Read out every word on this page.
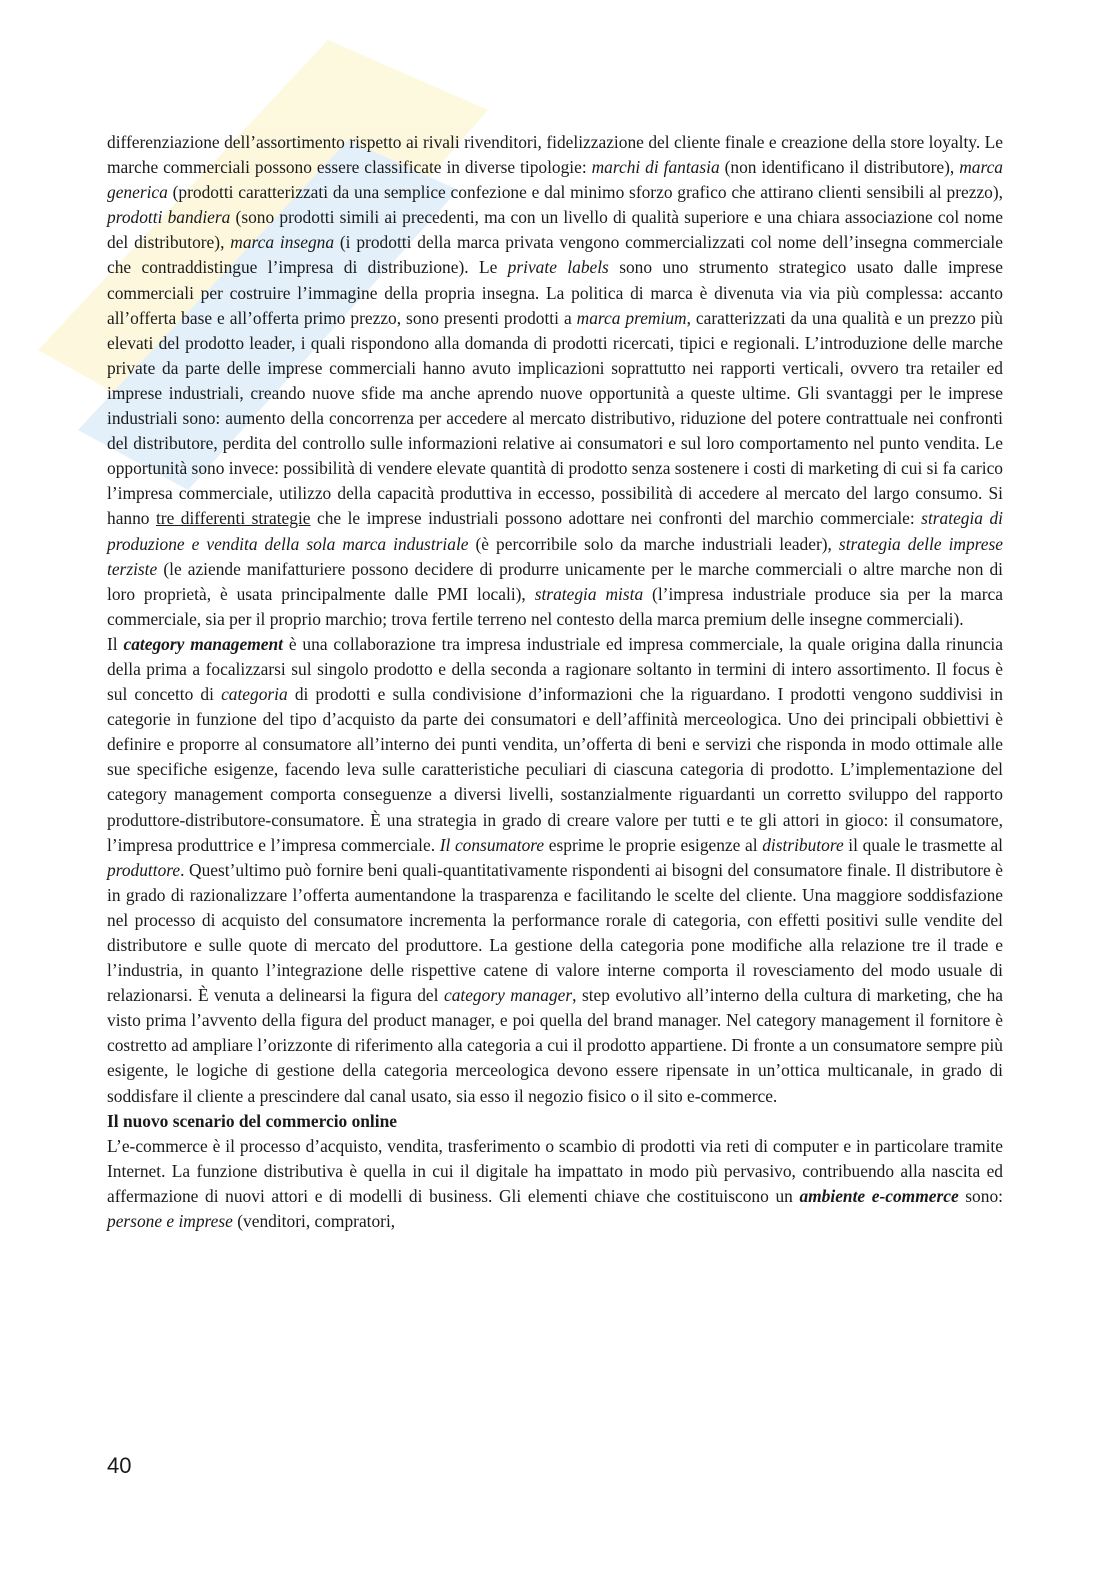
differenziazione dell’assortimento rispetto ai rivali rivenditori, fidelizzazione del cliente finale e creazione della store loyalty. Le marche commerciali possono essere classificate in diverse tipologie: marchi di fantasia (non identificano il distributore), marca generica (prodotti caratterizzati da una semplice confezione e dal minimo sforzo grafico che attirano clienti sensibili al prezzo), prodotti bandiera (sono prodotti simili ai precedenti, ma con un livello di qualità superiore e una chiara associazione col nome del distributore), marca insegna (i prodotti della marca privata vengono commercializzati col nome dell’insegna commerciale che contraddistingue l’impresa di distribuzione). Le private labels sono uno strumento strategico usato dalle imprese commerciali per costruire l’immagine della propria insegna. La politica di marca è divenuta via via più complessa: accanto all’offerta base e all’offerta primo prezzo, sono presenti prodotti a marca premium, caratterizzati da una qualità e un prezzo più elevati del prodotto leader, i quali rispondono alla domanda di prodotti ricercati, tipici e regionali. L’introduzione delle marche private da parte delle imprese commerciali hanno avuto implicazioni soprattutto nei rapporti verticali, ovvero tra retailer ed imprese industriali, creando nuove sfide ma anche aprendo nuove opportunità a queste ultime. Gli svantaggi per le imprese industriali sono: aumento della concorrenza per accedere al mercato distributivo, riduzione del potere contrattuale nei confronti del distributore, perdita del controllo sulle informazioni relative ai consumatori e sul loro comportamento nel punto vendita. Le opportunità sono invece: possibilità di vendere elevate quantità di prodotto senza sostenere i costi di marketing di cui si fa carico l’impresa commerciale, utilizzo della capacità produttiva in eccesso, possibilità di accedere al mercato del largo consumo. Si hanno tre differenti strategie che le imprese industriali possono adottare nei confronti del marchio commerciale: strategia di produzione e vendita della sola marca industriale (è percorribile solo da marche industriali leader), strategia delle imprese terziste (le aziende manifatturiere possono decidere di produrre unicamente per le marche commerciali o altre marche non di loro proprietà, è usata principalmente dalle PMI locali), strategia mista (l’impresa industriale produce sia per la marca commerciale, sia per il proprio marchio; trova fertile terreno nel contesto della marca premium delle insegne commerciali).

Il category management è una collaborazione tra impresa industriale ed impresa commerciale, la quale origina dalla rinuncia della prima a focalizzarsi sul singolo prodotto e della seconda a ragionare soltanto in termini di intero assortimento. Il focus è sul concetto di categoria di prodotti e sulla condivisione d’informazioni che la riguardano. I prodotti vengono suddivisi in categorie in funzione del tipo d’acquisto da parte dei consumatori e dell’affinità merceologica. Uno dei principali obbiettivi è definire e proporre al consumatore all’interno dei punti vendita, un’offerta di beni e servizi che risponda in modo ottimale alle sue specifiche esigenze, facendo leva sulle caratteristiche peculiari di ciascuna categoria di prodotto. L’implementazione del category management comporta conseguenze a diversi livelli, sostanzialmente riguardanti un corretto sviluppo del rapporto produttore-distributore-consumatore. È una strategia in grado di creare valore per tutti e te gli attori in gioco: il consumatore, l’impresa produttrice e l’impresa commerciale. Il consumatore esprime le proprie esigenze al distributore il quale le trasmette al produttore. Quest’ultimo può fornire beni quali-quantitativamente rispondenti ai bisogni del consumatore finale. Il distributore è in grado di razionalizzare l’offerta aumentandone la trasparenza e facilitando le scelte del cliente. Una maggiore soddisfazione nel processo di acquisto del consumatore incrementa la performance rorale di categoria, con effetti positivi sulle vendite del distributore e sulle quote di mercato del produttore. La gestione della categoria pone modifiche alla relazione tre il trade e l’industria, in quanto l’integrazione delle rispettive catene di valore interne comporta il rovesciamento del modo usuale di relazionarsi. È venuta a delinearsi la figura del category manager, step evolutivo all’interno della cultura di marketing, che ha visto prima l’avvento della figura del product manager, e poi quella del brand manager. Nel category management il fornitore è costretto ad ampliare l’orizzonte di riferimento alla categoria a cui il prodotto appartiene. Di fronte a un consumatore sempre più esigente, le logiche di gestione della categoria merceologica devono essere ripensate in un’ottica multicanale, in grado di soddisfare il cliente a prescindere dal canal usato, sia esso il negozio fisico o il sito e-commerce.

Il nuovo scenario del commercio online

L’e-commerce è il processo d’acquisto, vendita, trasferimento o scambio di prodotti via reti di computer e in particolare tramite Internet. La funzione distributiva è quella in cui il digitale ha impattato in modo più pervasivo, contribuendo alla nascita ed affermazione di nuovi attori e di modelli di business. Gli elementi chiave che costituiscono un ambiente e-commerce sono: persone e imprese (venditori, compratori,

40
